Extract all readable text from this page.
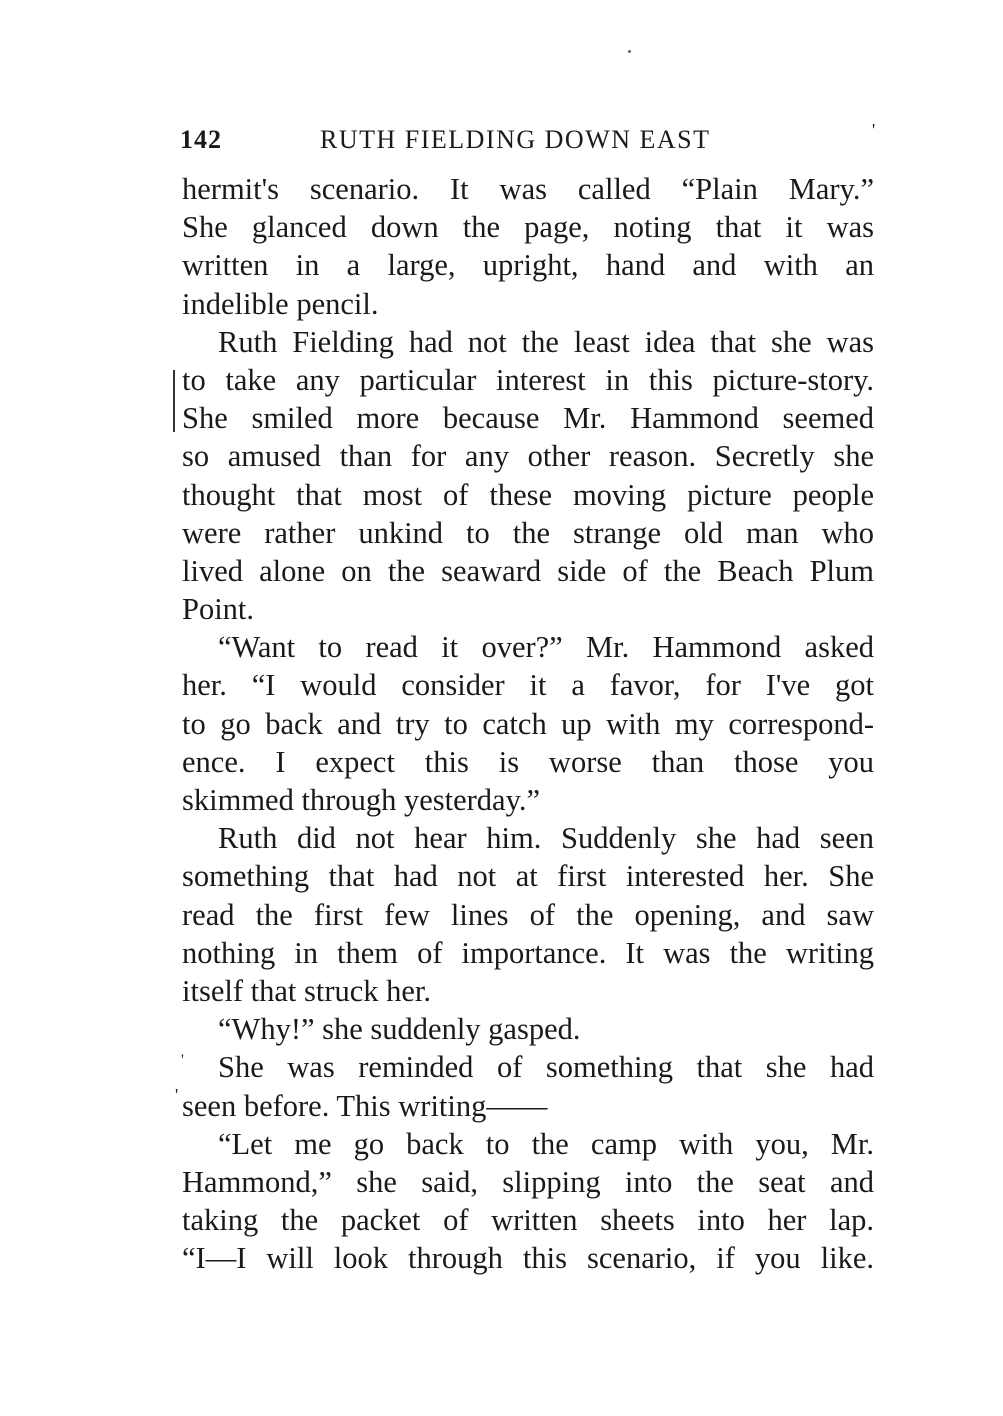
142	RUTH FIELDING DOWN EAST	'
'
'
hermit's scenario. It was called “Plain Mary.”
She glanced down the page, noting that it was
written in a large, upright, hand and with an
indelible pencil.
Ruth Fielding had not the least idea that she was
to take any particular interest in this picture-story.
She smiled more because Mr. Hammond seemed
so amused than for any other reason. Secretly she
thought that most of these moving picture people
were rather unkind to the strange old man who
lived alone on the seaward side of the Beach Plum
Point.
“Want to read it over?” Mr. Hammond asked
her. “I would consider it a favor, for I've got
to go back and try to catch up with my correspond-
ence. I expect this is worse than those you
skimmed through yesterday.”
Ruth did not hear him. Suddenly she had seen
something that had not at first interested her. She
read the first few lines of the opening, and saw
nothing in them of importance. It was the writing
itself that struck her.
“Why!” she suddenly gasped.
She was reminded of something that she had
seen before. This writing——
“Let me go back to the camp with you, Mr.
Hammond,” she said, slipping into the seat and
taking the packet of written sheets into her lap.
“I—I will look through this scenario, if you like.
